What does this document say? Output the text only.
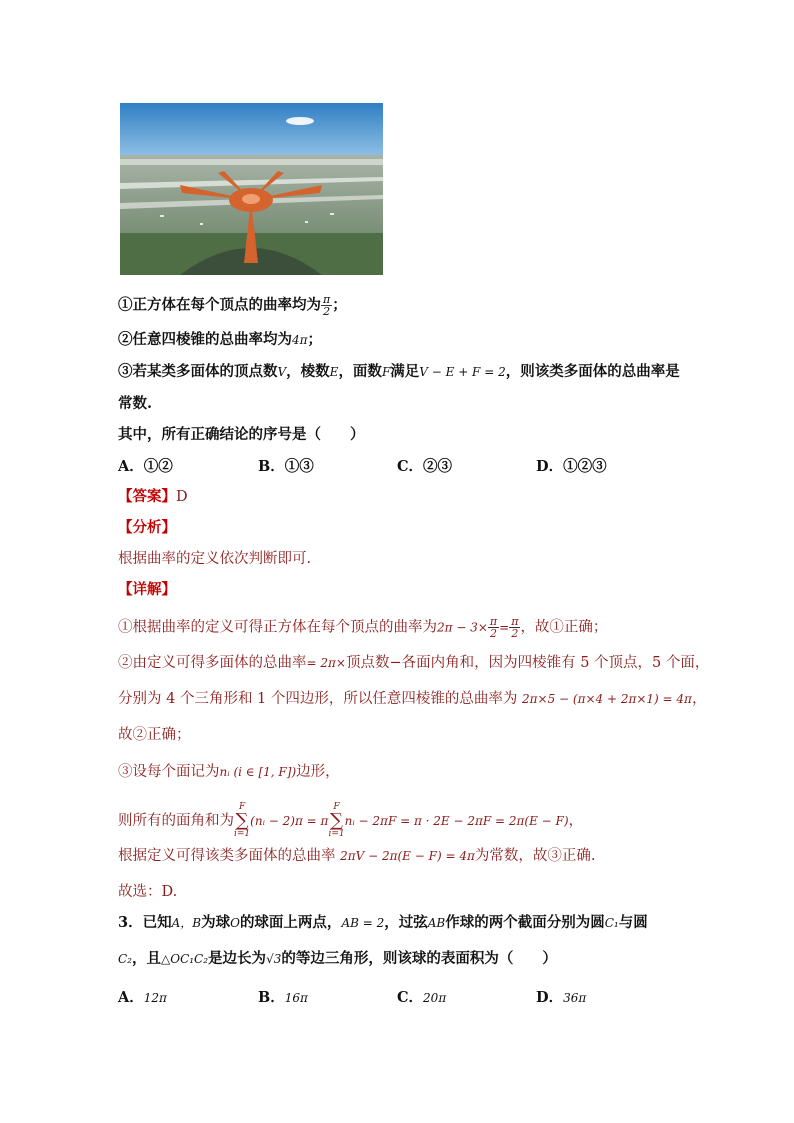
①正方体在每个顶点的曲率均为 $\frac{\pi}{2}$ ；
②任意四棱锥的总曲率均为4π；
③若某类多面体的顶点数V，棱数E，面数F满足V − E + F = 2，则该类多面体的总曲率是
常数.
其中，所有正确结论的序号是（　　）
A．①②	B．①③	C．②③	D．①②③
【答案】D
【分析】
根据曲率的定义依次判断即可.
【详解】
①根据曲率的定义可得正方体在每个顶点的曲率为$2\pi - 3\times \frac{\pi}{2} = \frac{\pi}{2}$ ，故①正确；
②由定义可得多面体的总曲率= 2π×顶点数−各面内角和，因为四棱锥有 5 个顶点，5 个面，
分别为 4 个三角形和 1 个四边形，所以任意四棱锥的总曲率为 2π×5 − (π×4 + 2π×1) = 4π，
故②正确；
③设每个面记为nᵢ (i ∈ [1, F])边形，
则所有的面角和为F
∑
i=1(nᵢ − 2)π = πF
∑
i=1nᵢ − 2πF = π · 2E − 2πF = 2π(E − F)，
根据定义可得该类多面体的总曲率 2πV − 2π(E − F) = 4π为常数，故③正确.
故选：D.
3．已知A，B为球O的球面上两点，AB = 2，过弦AB作球的两个截面分别为圆C₁与圆
C₂，且△OC₁C₂是边长为√3的等边三角形，则该球的表面积为（　　）
A．12π	B．16π	C．20π	D．36π
